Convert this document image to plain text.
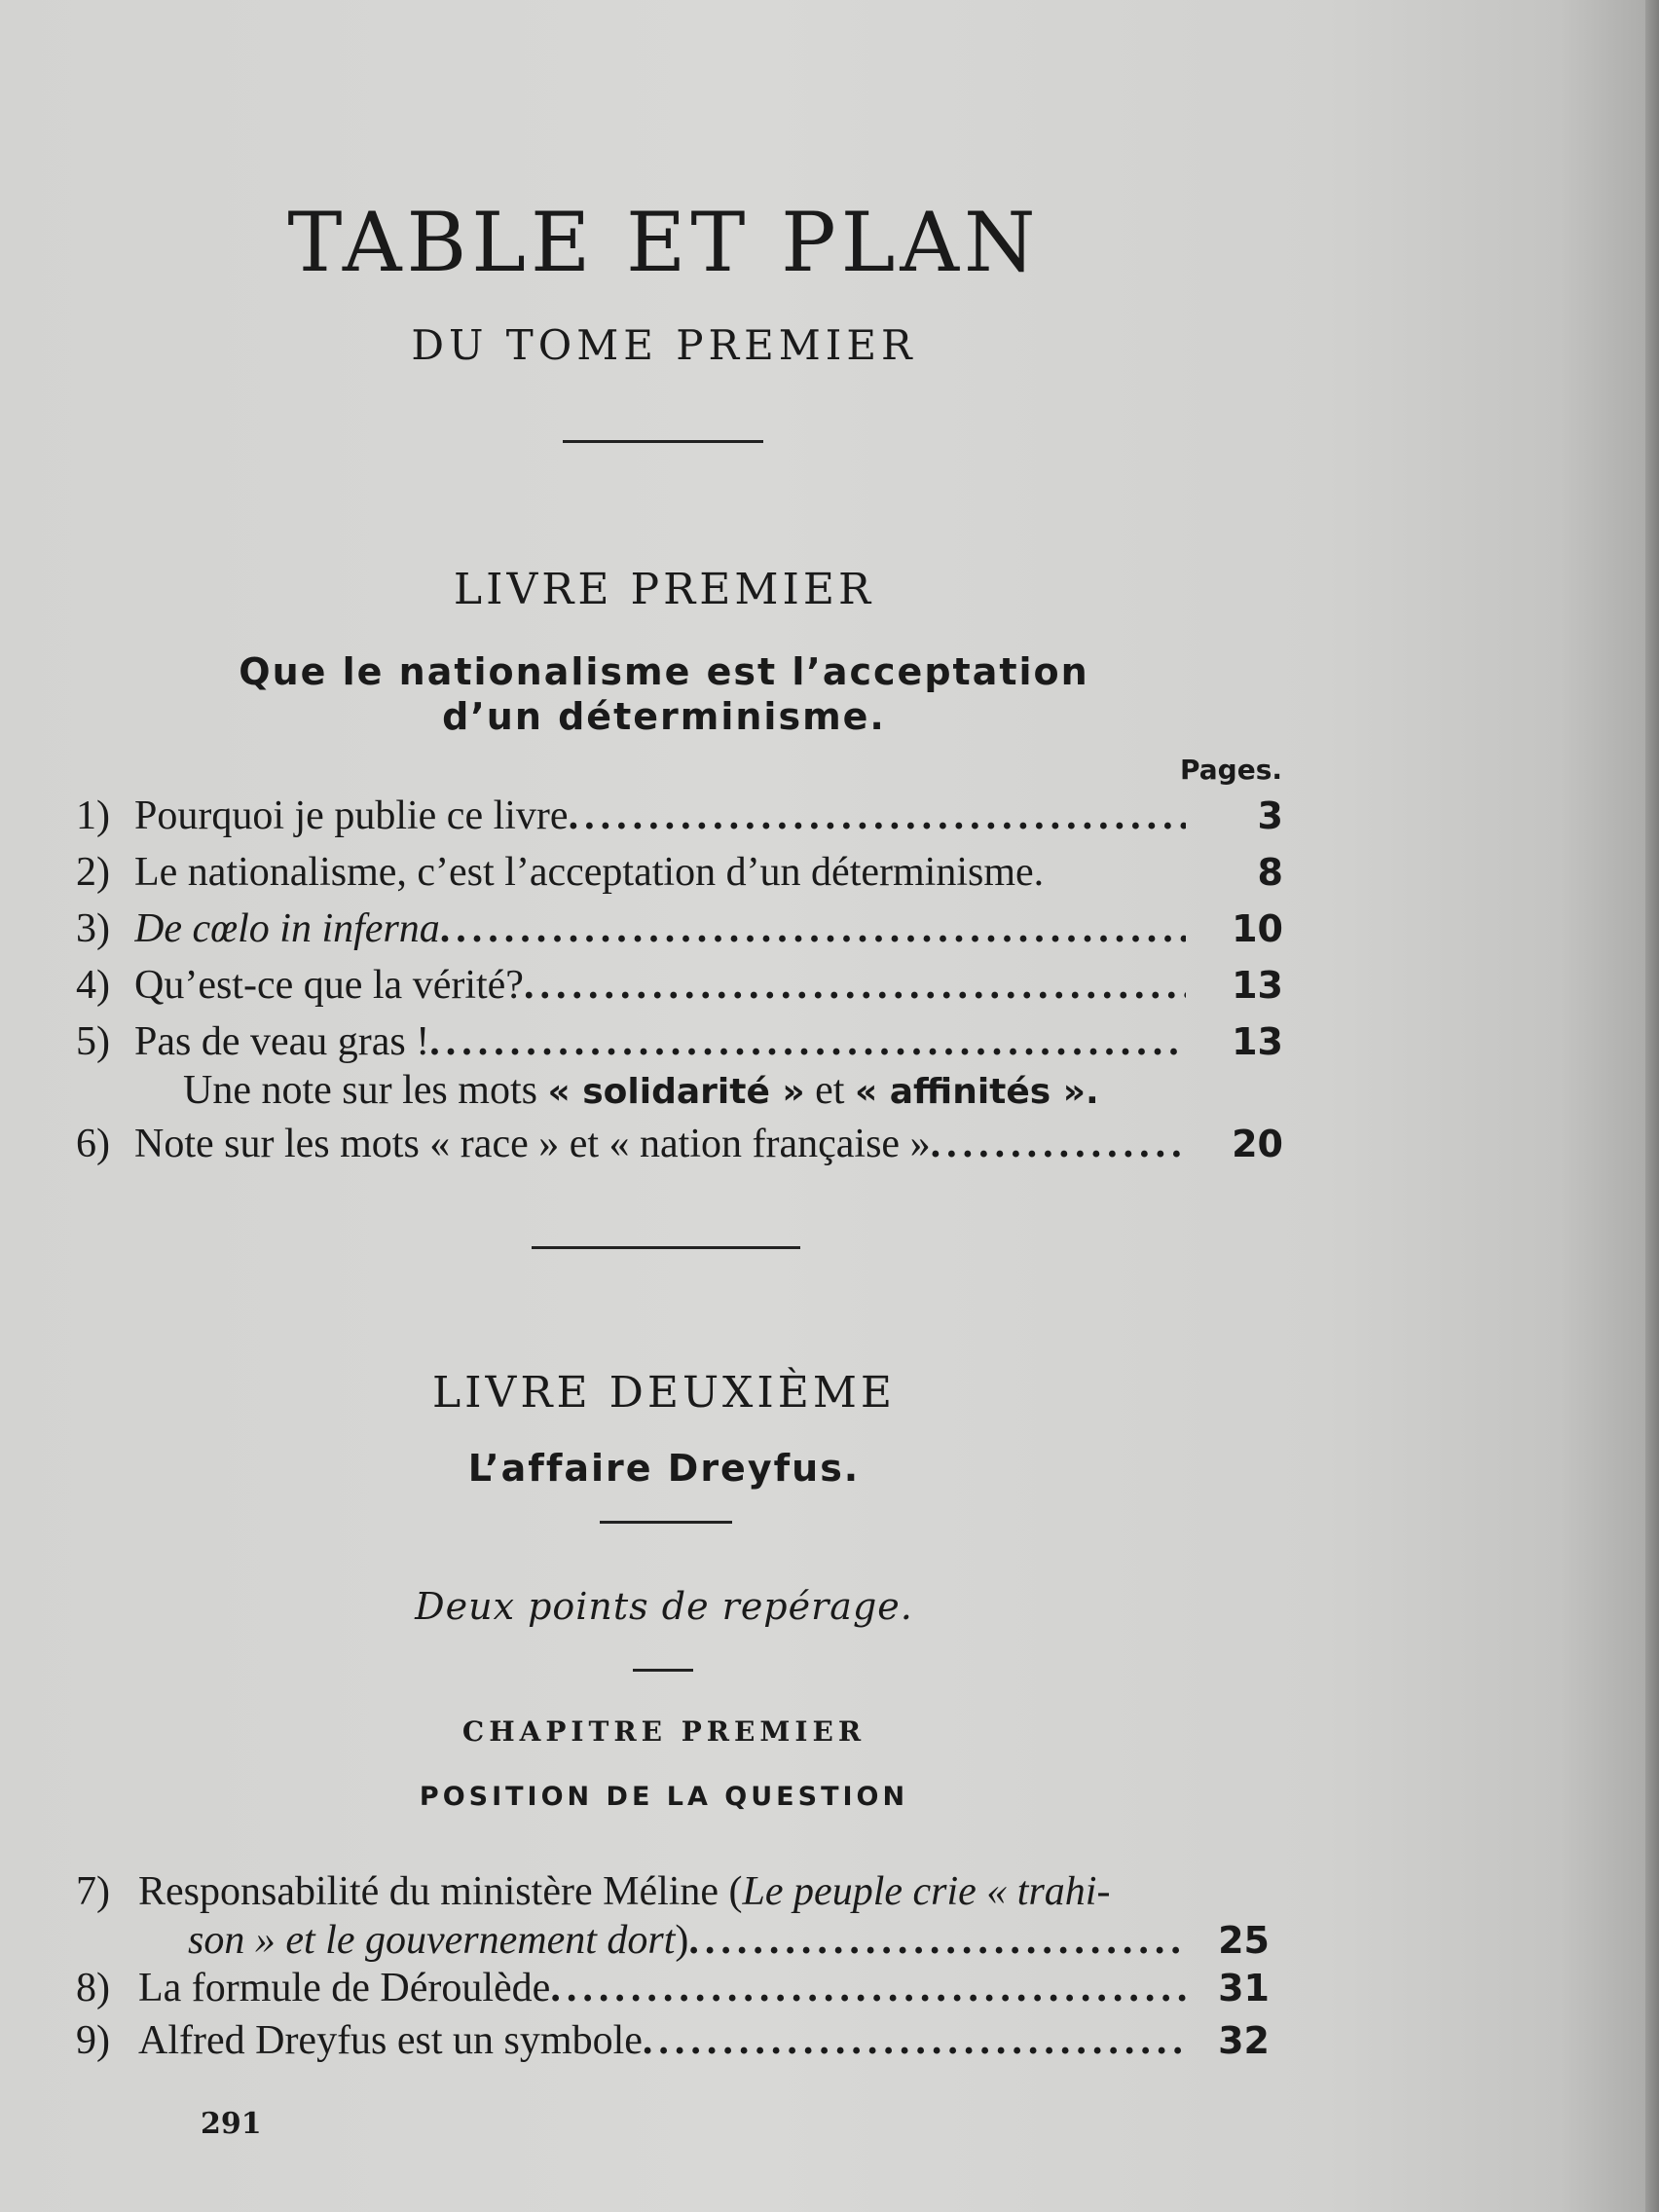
TABLE ET PLAN
DU TOME PREMIER
LIVRE PREMIER
Que le nationalisme est l’acceptation
d’un déterminisme.
Pages.
1) Pourquoi je publie ce livre .....	3
2) Le nationalisme, c’est l’acceptation d’un déterminisme.	8
3) De cœlo in inferna .....	10
4) Qu’est-ce que la vérité? .....	13
5) Pas de veau gras ! .....	13
Une note sur les mots « solidarité » et « affinités ».
6) Note sur les mots « race » et « nation française » .....	20
LIVRE DEUXIÈME
L’affaire Dreyfus.
Deux points de repérage.
CHAPITRE PREMIER
POSITION DE LA QUESTION
7) Responsabilité du ministère Méline ( Le peuple crie « trahi-
son » et le gouvernement dort ) .....	25
8) La formule de Déroulède .....	31
9) Alfred Dreyfus est un symbole .....	32
291
